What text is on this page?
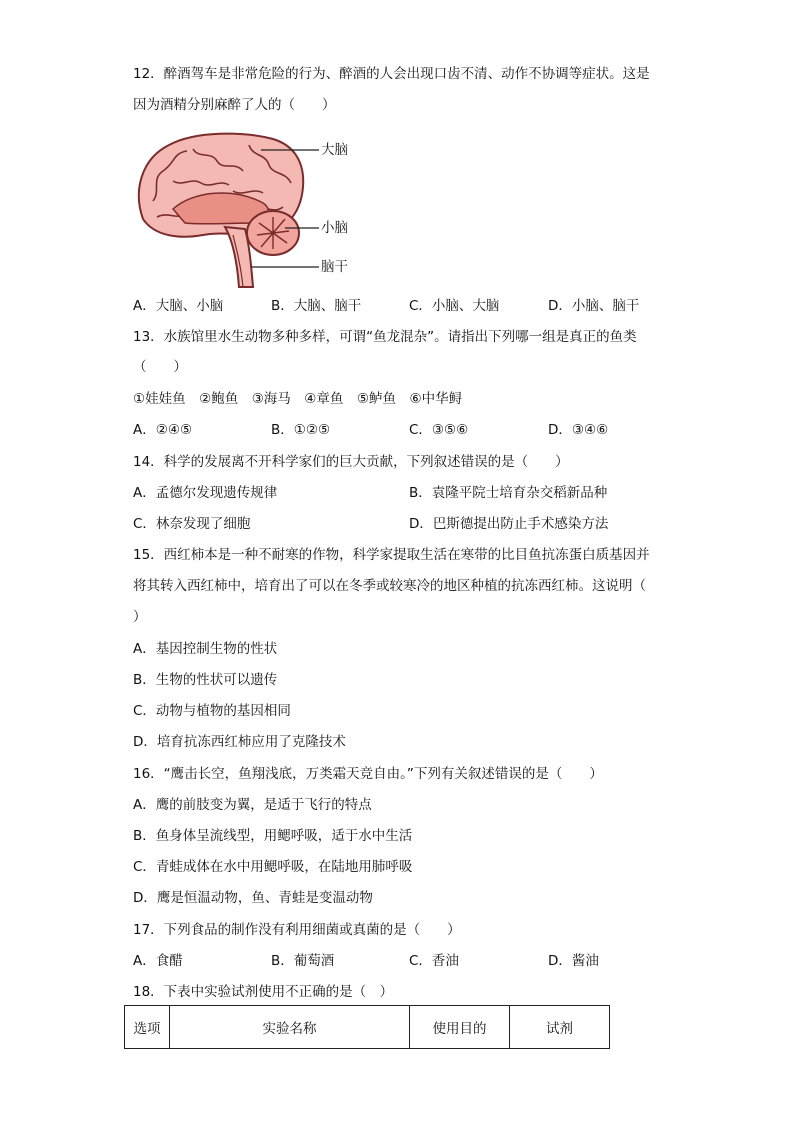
12．醉酒驾车是非常危险的行为、醉酒的人会出现口齿不清、动作不协调等症状。这是
因为酒精分别麻醉了人的（　　）
大脑
小脑
脑干
A．大脑、小脑	B．大脑、脑干	C．小脑、大脑	D．小脑、脑干
13．水族馆里水生动物多种多样，可谓“鱼龙混杂”。请指出下列哪一组是真正的鱼类
（　　）
①娃娃鱼　②鲍鱼　③海马　④章鱼　⑤鲈鱼　⑥中华鲟
A．②④⑤	B．①②⑤	C．③⑤⑥	D．③④⑥
14．科学的发展离不开科学家们的巨大贡献，下列叙述错误的是（　　）
A．孟德尔发现遗传规律	B．袁隆平院士培育杂交稻新品种
C．林奈发现了细胞	D．巴斯德提出防止手术感染方法
15．西红柿本是一种不耐寒的作物，科学家提取生活在寒带的比目鱼抗冻蛋白质基因并
将其转入西红柿中，培育出了可以在冬季或较寒冷的地区种植的抗冻西红柿。这说明（
）
A．基因控制生物的性状
B．生物的性状可以遗传
C．动物与植物的基因相同
D．培育抗冻西红柿应用了克隆技术
16．“鹰击长空，鱼翔浅底，万类霜天竞自由。”下列有关叙述错误的是（　　）
A．鹰的前肢变为翼，是适于飞行的特点
B．鱼身体呈流线型，用鳃呼吸，适于水中生活
C．青蛙成体在水中用鳃呼吸，在陆地用肺呼吸
D．鹰是恒温动物，鱼、青蛙是变温动物
17．下列食品的制作没有利用细菌或真菌的是（　　）
A．食醋	B．葡萄酒	C．香油	D．酱油
18．下表中实验试剂使用不正确的是（　）
选项	实验名称	使用目的	试剂
